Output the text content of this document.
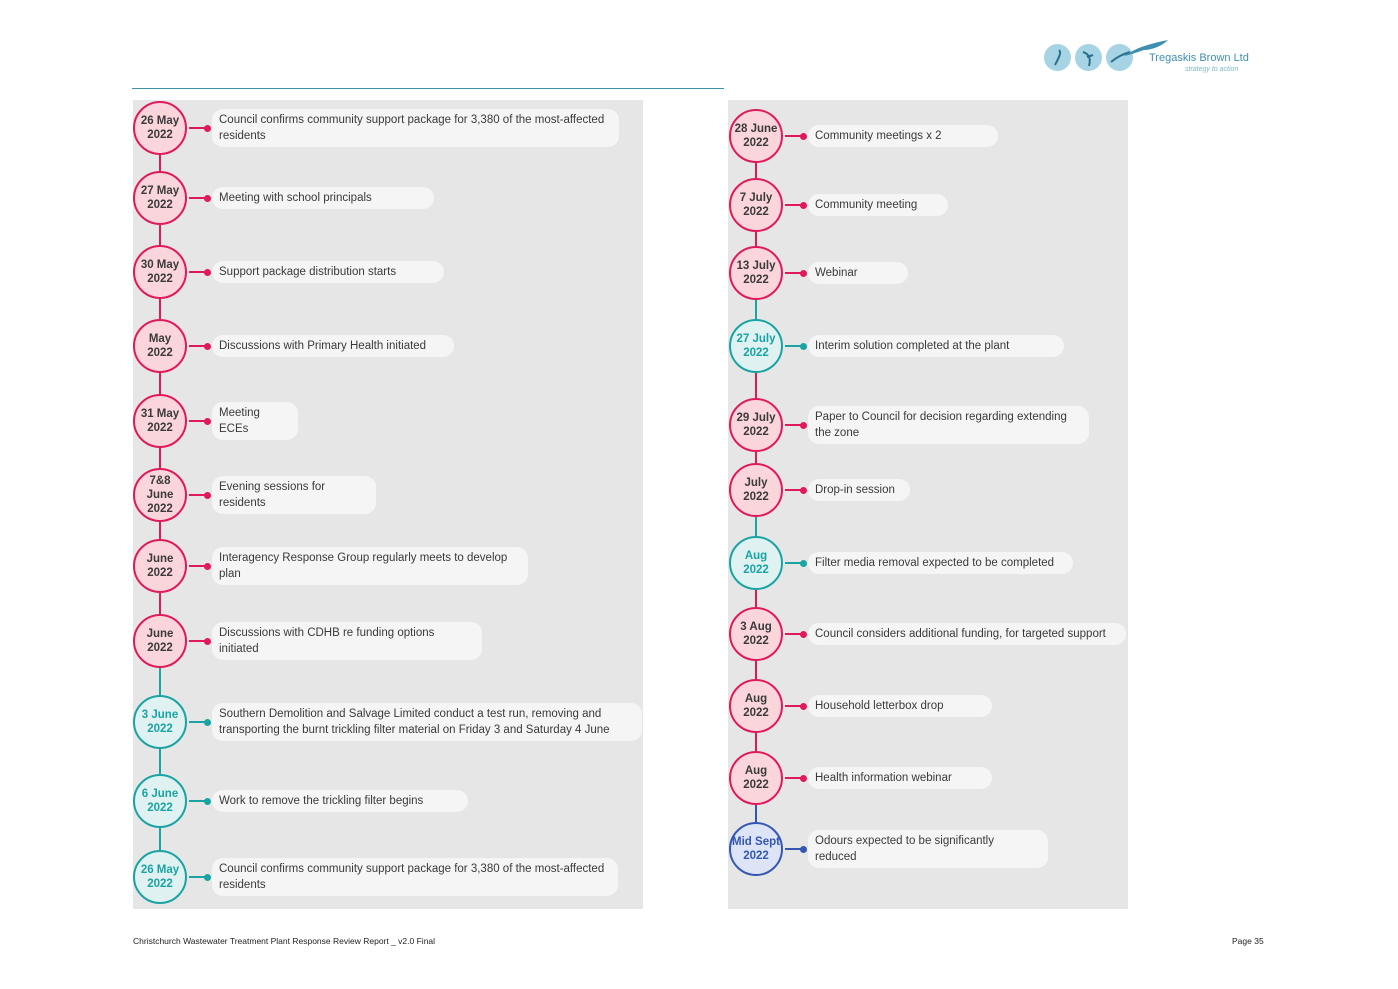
Tregaskis Brown Ltd
strategy to action
26 May
2022
Council confirms community support package for 3,380 of the most-affected residents
27 May
2022
Meeting with school principals
30 May
2022
Support package distribution starts
May
2022
Discussions with Primary Health initiated
31 May
2022
Meeting ECEs
7&8 June
2022
Evening sessions for residents
June
2022
Interagency Response Group regularly meets to develop plan
June
2022
Discussions with CDHB re funding options initiated
3 June
2022
Southern Demolition and Salvage Limited conduct a test run, removing and transporting the burnt trickling filter material on Friday 3 and Saturday 4 June
6 June
2022
Work to remove the trickling filter begins
26 May
2022
Council confirms community support package for 3,380 of the most-affected residents
28 June
2022
Community meetings x 2
7 July
2022
Community meeting
13 July
2022
Webinar
27 July
2022
Interim solution completed at the plant
29 July
2022
Paper to Council for decision regarding extending the zone
July
2022
Drop-in session
Aug
2022
Filter media removal expected to be completed
3 Aug
2022
Council considers additional funding, for targeted support
Aug
2022
Household letterbox drop
Aug
2022
Health information webinar
Mid Sept
2022
Odours expected to be significantly reduced
Christchurch Wastewater Treatment Plant Response Review Report _ v2.0 Final	Page 35
